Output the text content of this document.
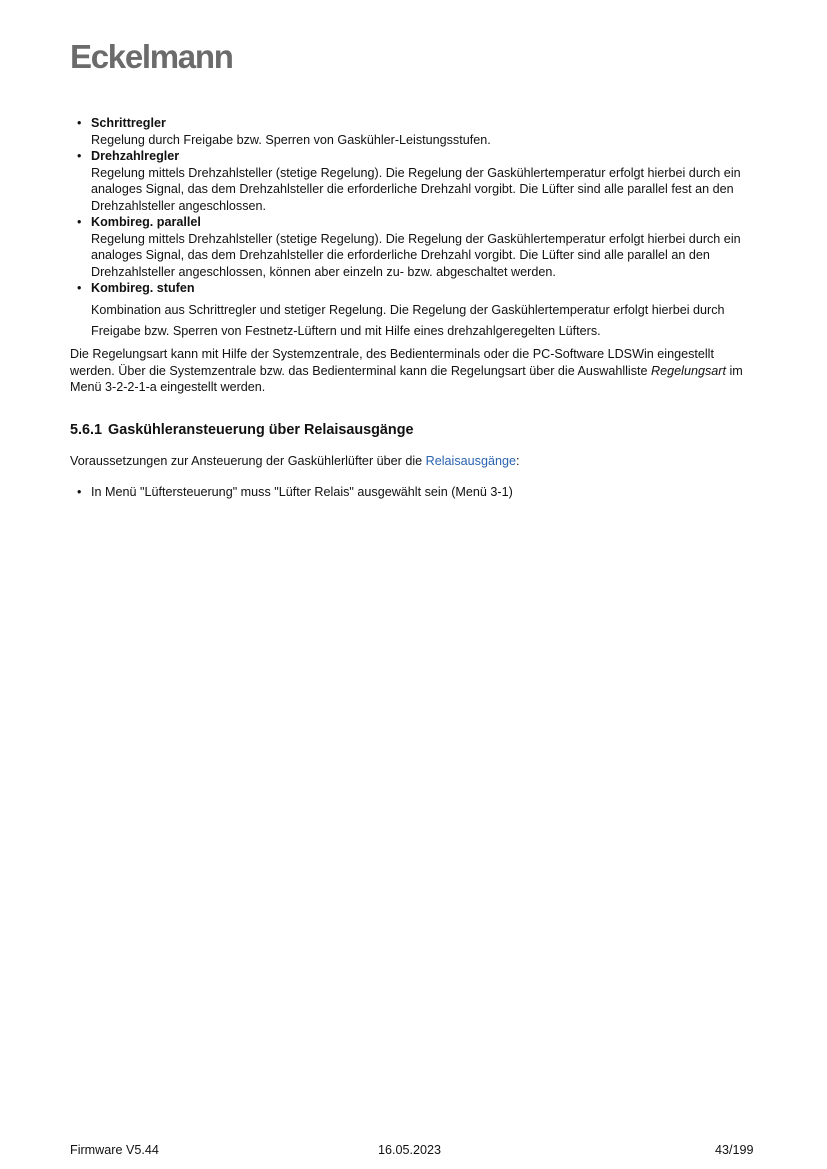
Eckelmann
• Schrittregler
Regelung durch Freigabe bzw. Sperren von Gaskühler-Leistungsstufen.
• Drehzahlregler
Regelung mittels Drehzahlsteller (stetige Regelung). Die Regelung der Gaskühlertemperatur erfolgt hierbei durch ein analoges Signal, das dem Drehzahlsteller die erforderliche Drehzahl vorgibt. Die Lüfter sind alle parallel fest an den Drehzahlsteller angeschlossen.
• Kombireg. parallel
Regelung mittels Drehzahlsteller (stetige Regelung). Die Regelung der Gaskühlertemperatur erfolgt hierbei durch ein analoges Signal, das dem Drehzahlsteller die erforderliche Drehzahl vorgibt. Die Lüfter sind alle parallel an den Drehzahlsteller angeschlossen, können aber einzeln zu- bzw. abgeschaltet werden.
• Kombireg. stufen
Kombination aus Schrittregler und stetiger Regelung. Die Regelung der Gaskühlertemperatur erfolgt hierbei durch Freigabe bzw. Sperren von Festnetz-Lüftern und mit Hilfe eines drehzahlgeregelten Lüfters.

Die Regelungsart kann mit Hilfe der Systemzentrale, des Bedienterminals oder die PC-Software LDSWin eingestellt werden. Über die Systemzentrale bzw. das Bedienterminal kann die Regelungsart über die Auswahlliste Regelungsart im Menü 3-2-2-1-a eingestellt werden.

5.6.1 Gaskühleransteuerung über Relaisausgänge

Voraussetzungen zur Ansteuerung der Gaskühlerlüfter über die Relaisausgänge:

• In Menü "Lüftersteuerung" muss "Lüfter Relais" ausgewählt sein (Menü 3-1)
Firmware V5.44	16.05.2023	43/199
